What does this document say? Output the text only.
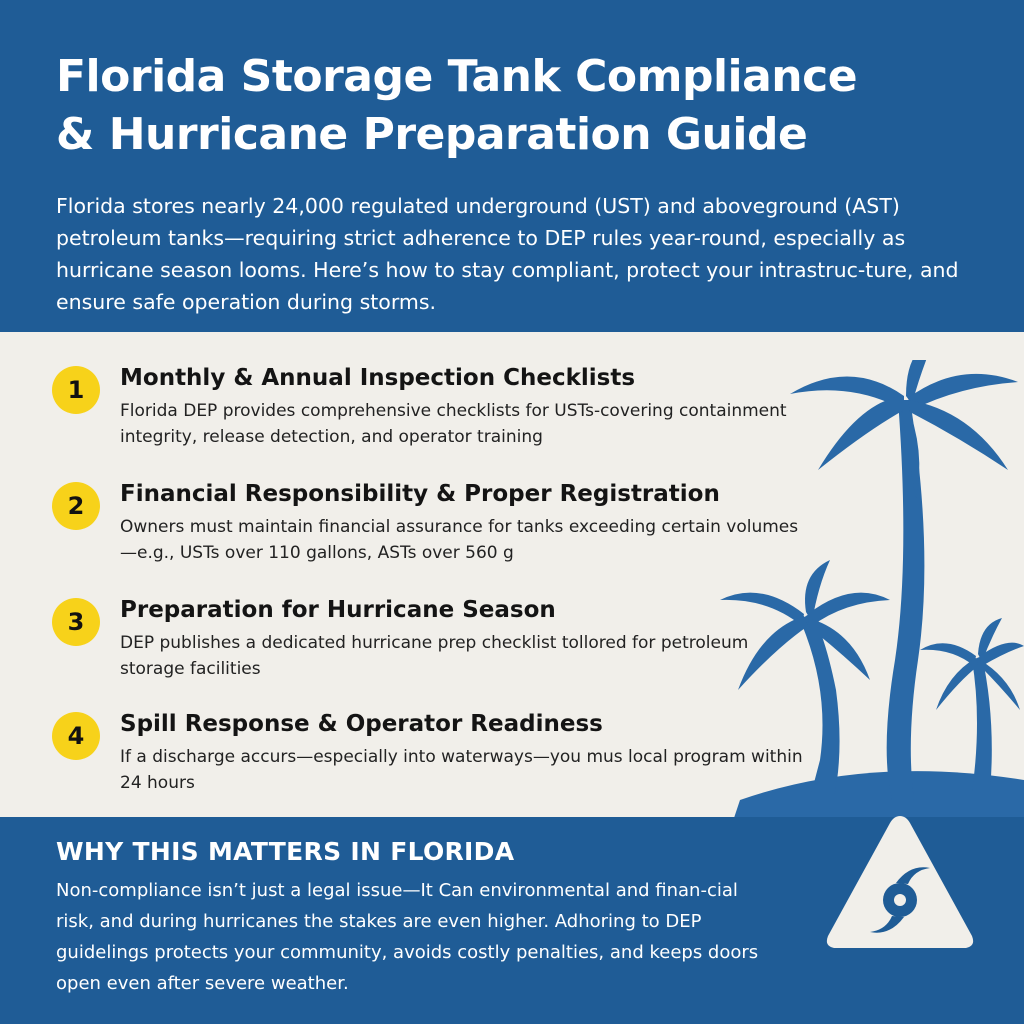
Florida Storage Tank Compliance
& Hurricane Preparation Guide

Florida stores nearly 24,000 regulated underground (UST) and aboveground (AST) petroleum tanks—requiring strict adherence to DEP rules year-round, especially as hurricane season looms. Here’s how to stay compliant, protect your intrastruc-ture, and ensure safe operation during storms.

1	Monthly & Annual Inspection Checklists
Florida DEP provides comprehensive checklists for USTs-covering containment integrity, release detection, and operator training
2	Financial Responsibility & Proper Registration
Owners must maintain financial assurance for tanks exceeding certain volumes—e.g., USTs over 110 gallons, ASTs over 560 g
3	Preparation for Hurricane Season
DEP publishes a dedicated hurricane prep checklist tollored for petroleum storage facilities
4	Spill Response & Operator Readiness
If a discharge accurs—especially into waterways—you mus local program within 24 hours
WHY THIS MATTERS IN FLORIDA

Non-compliance isn’t just a legal issue—It Can environmental and finan-cial risk, and during hurricanes the stakes are even higher. Adhoring to DEP guidelings protects your community, avoids costly penalties, and keeps doors open even after severe weather.
